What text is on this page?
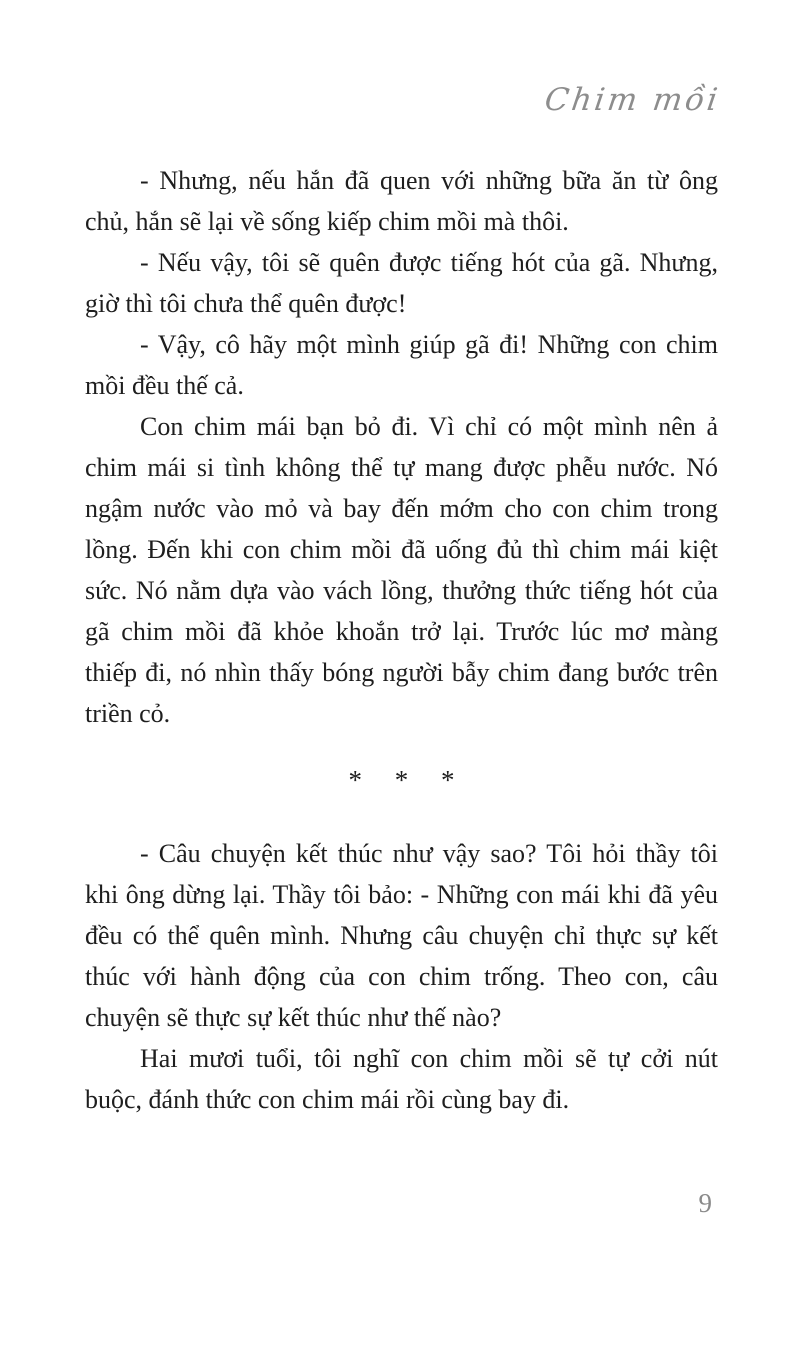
Chim mồi

- Nhưng, nếu hắn đã quen với những bữa ăn từ ông chủ, hắn sẽ lại về sống kiếp chim mồi mà thôi.

- Nếu vậy, tôi sẽ quên được tiếng hót của gã. Nhưng, giờ thì tôi chưa thể quên được!

- Vậy, cô hãy một mình giúp gã đi! Những con chim mồi đều thế cả.

Con chim mái bạn bỏ đi. Vì chỉ có một mình nên ả chim mái si tình không thể tự mang được phễu nước. Nó ngậm nước vào mỏ và bay đến mớm cho con chim trong lồng. Đến khi con chim mồi đã uống đủ thì chim mái kiệt sức. Nó nằm dựa vào vách lồng, thưởng thức tiếng hót của gã chim mồi đã khỏe khoắn trở lại. Trước lúc mơ màng thiếp đi, nó nhìn thấy bóng người bẫy chim đang bước trên triền cỏ.

* * *

- Câu chuyện kết thúc như vậy sao? Tôi hỏi thầy tôi khi ông dừng lại. Thầy tôi bảo: - Những con mái khi đã yêu đều có thể quên mình. Nhưng câu chuyện chỉ thực sự kết thúc với hành động của con chim trống. Theo con, câu chuyện sẽ thực sự kết thúc như thế nào?

Hai mươi tuổi, tôi nghĩ con chim mồi sẽ tự cởi nút buộc, đánh thức con chim mái rồi cùng bay đi.

9
